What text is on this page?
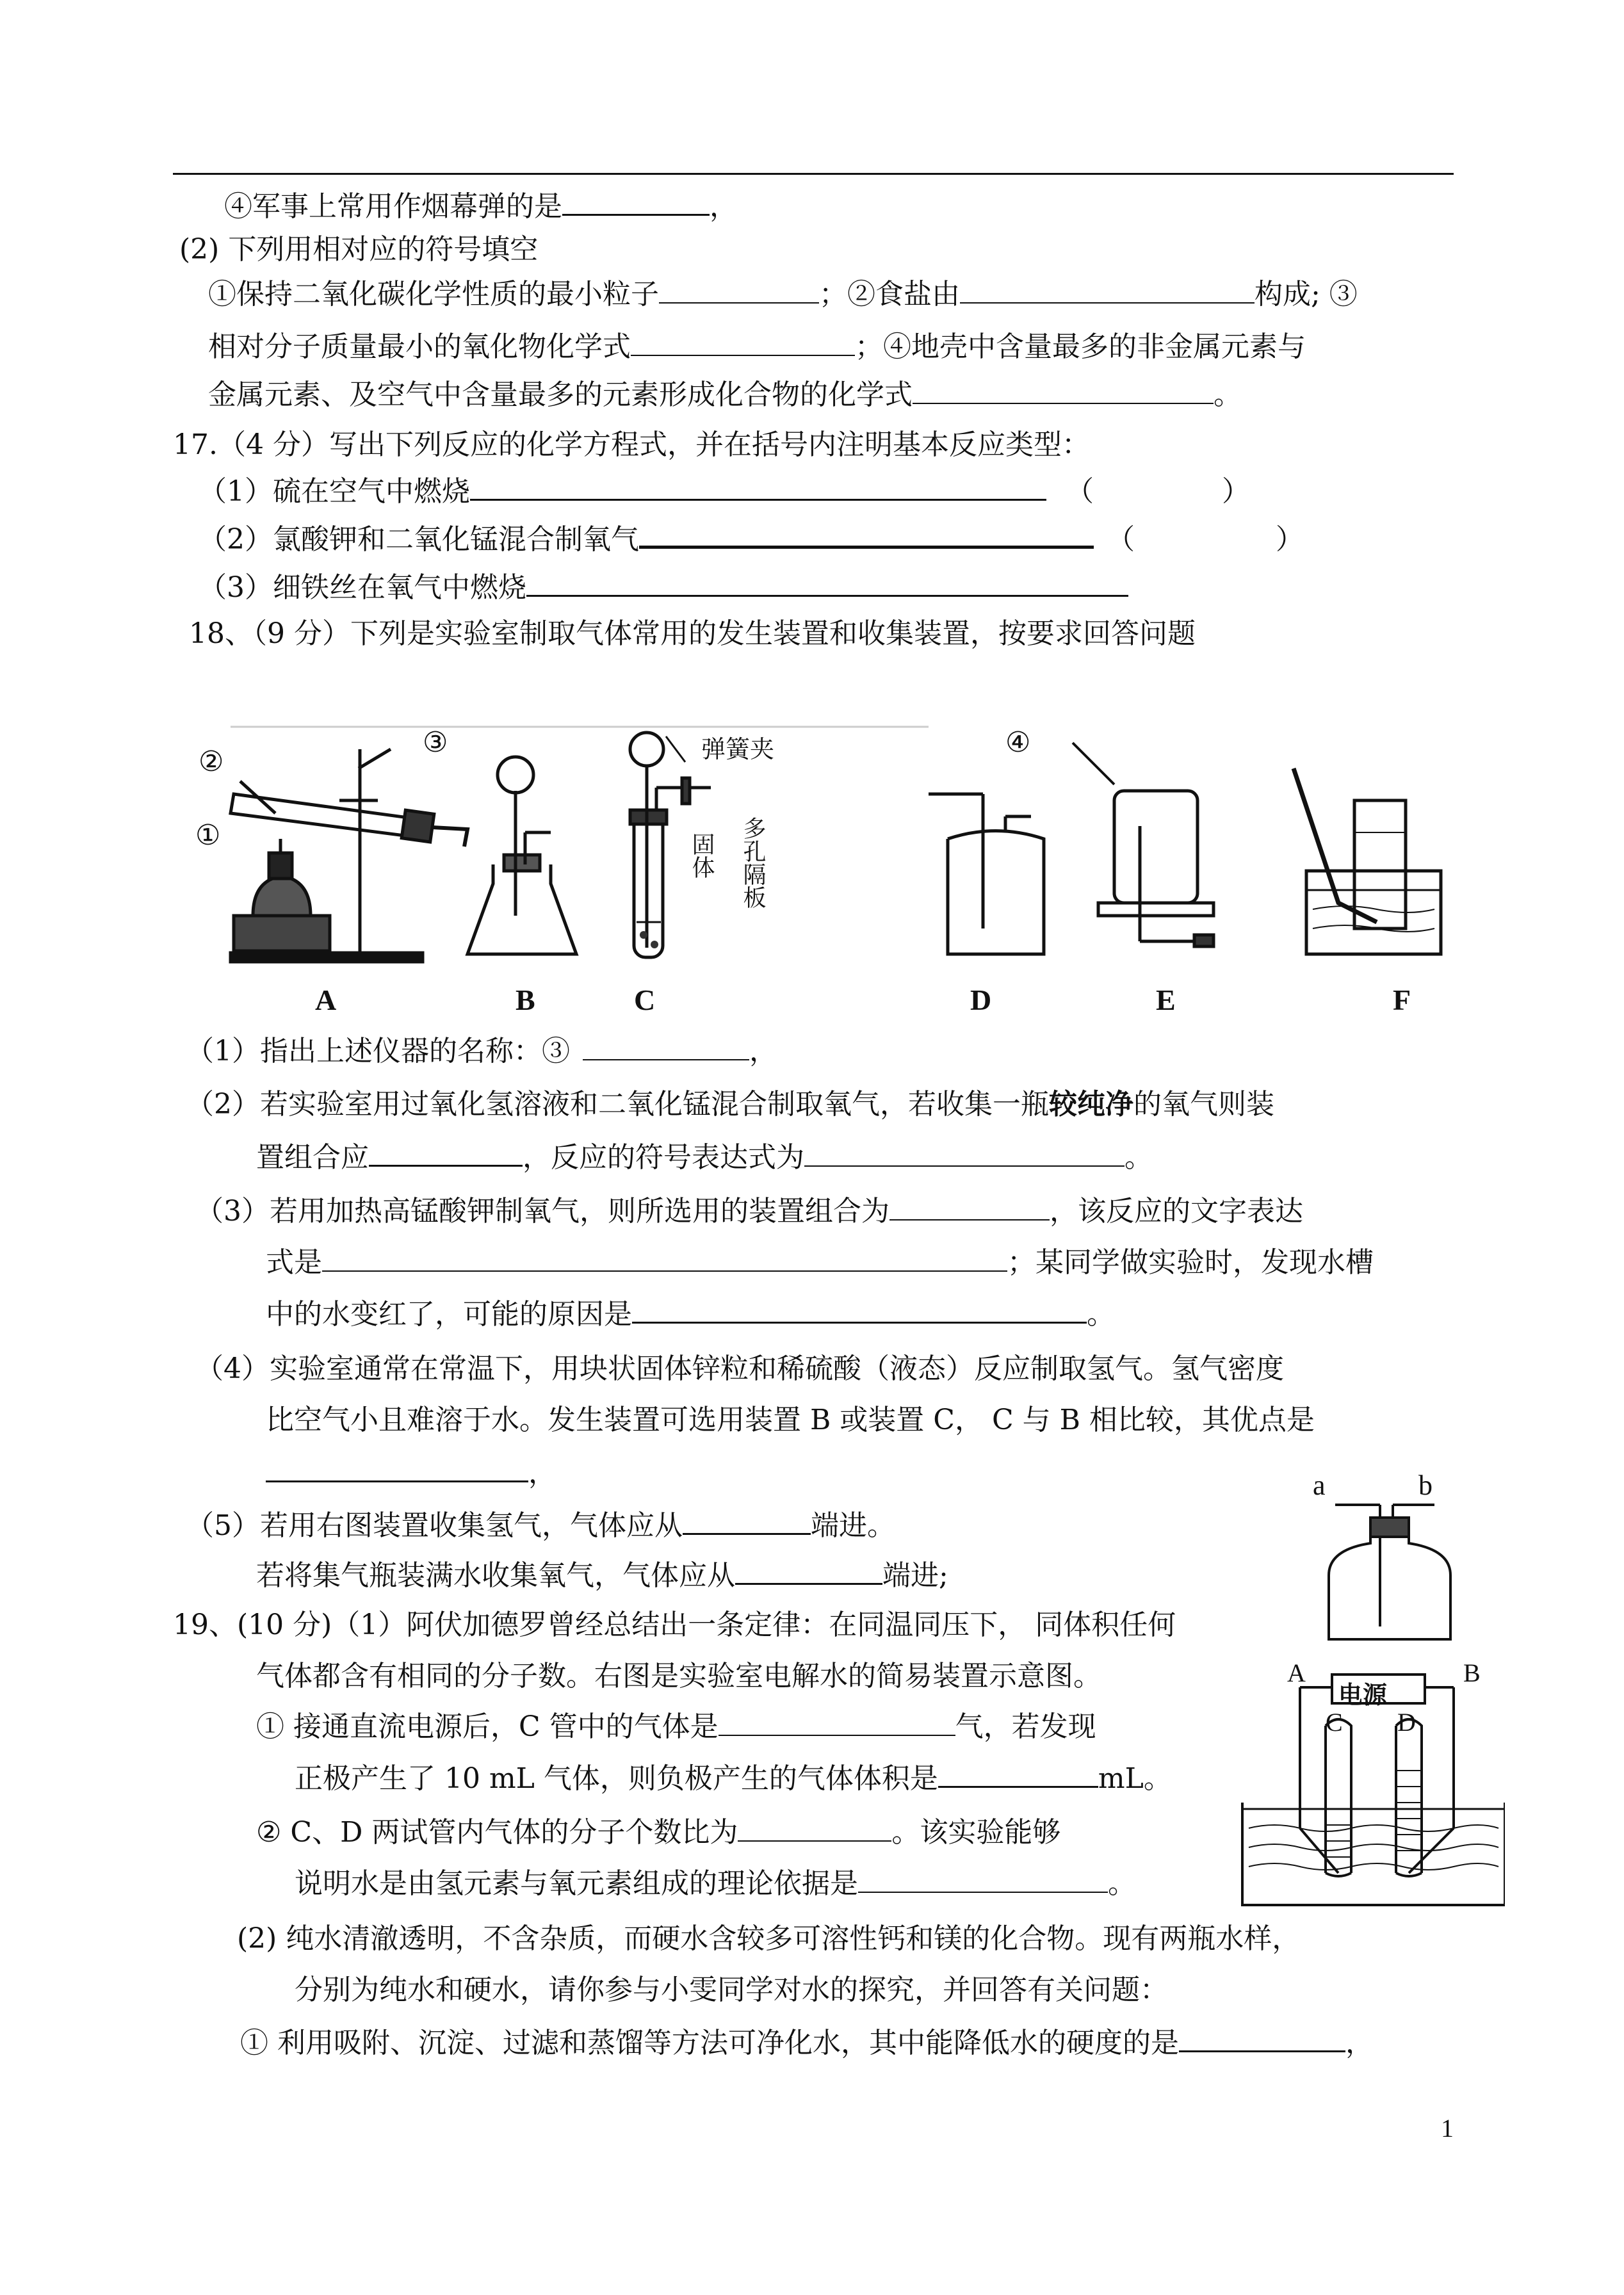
④军事上常用作烟幕弹的是	，
(2) 下列用相对应的符号填空
①保持二氧化碳化学性质的最小粒子	；②食盐由	构成; ③
相对分子质量最小的氧化物化学式	；④地壳中含量最多的非金属元素与
金属元素、及空气中含量最多的元素形成化合物的化学式	。
17.（4 分）写出下列反应的化学方程式，并在括号内注明基本反应类型：
（1）硫在空气中燃烧	（	）
（2）氯酸钾和二氧化锰混合制氧气	（	）
（3）细铁丝在氧气中燃烧
18、（9 分）下列是实验室制取气体常用的发生装置和收集装置，按要求回答问题
①
②
③	④
弹簧夹
固体 多孔隔板
A	B	C	D	E	F
（1）指出上述仪器的名称：③	，
（2）若实验室用过氧化氢溶液和二氧化锰混合制取氧气，若收集一瓶较纯净的氧气则装
置组合应	，反应的符号表达式为	。
（3）若用加热高锰酸钾制氧气，则所选用的装置组合为	，该反应的文字表达
式是	；某同学做实验时，发现水槽
中的水变红了，可能的原因是	。
（4）实验室通常在常温下，用块状固体锌粒和稀硫酸（液态）反应制取氢气。氢气密度
比空气小且难溶于水。发生装置可选用装置 B 或装置 C， C 与 B 相比较，其优点是
，
（5）若用右图装置收集氢气，气体应从	端进。
若将集气瓶装满水收集氧气，气体应从	端进;
a	b
19、(10 分)（1）阿伏加德罗曾经总结出一条定律：在同温同压下， 同体积任何
气体都含有相同的分子数。右图是实验室电解水的简易装置示意图。
① 接通直流电源后，C 管中的气体是	气，若发现
正极产生了 10 mL 气体，则负极产生的气体体积是	mL。
② C、D 两试管内气体的分子个数比为	。该实验能够
说明水是由氢元素与氧元素组成的理论依据是	。
(2) 纯水清澈透明，不含杂质，而硬水含较多可溶性钙和镁的化合物。现有两瓶水样，
分别为纯水和硬水，请你参与小雯同学对水的探究，并回答有关问题：
① 利用吸附、沉淀、过滤和蒸馏等方法可净化水，其中能降低水的硬度的是	，
A	B
电源
C D
1
